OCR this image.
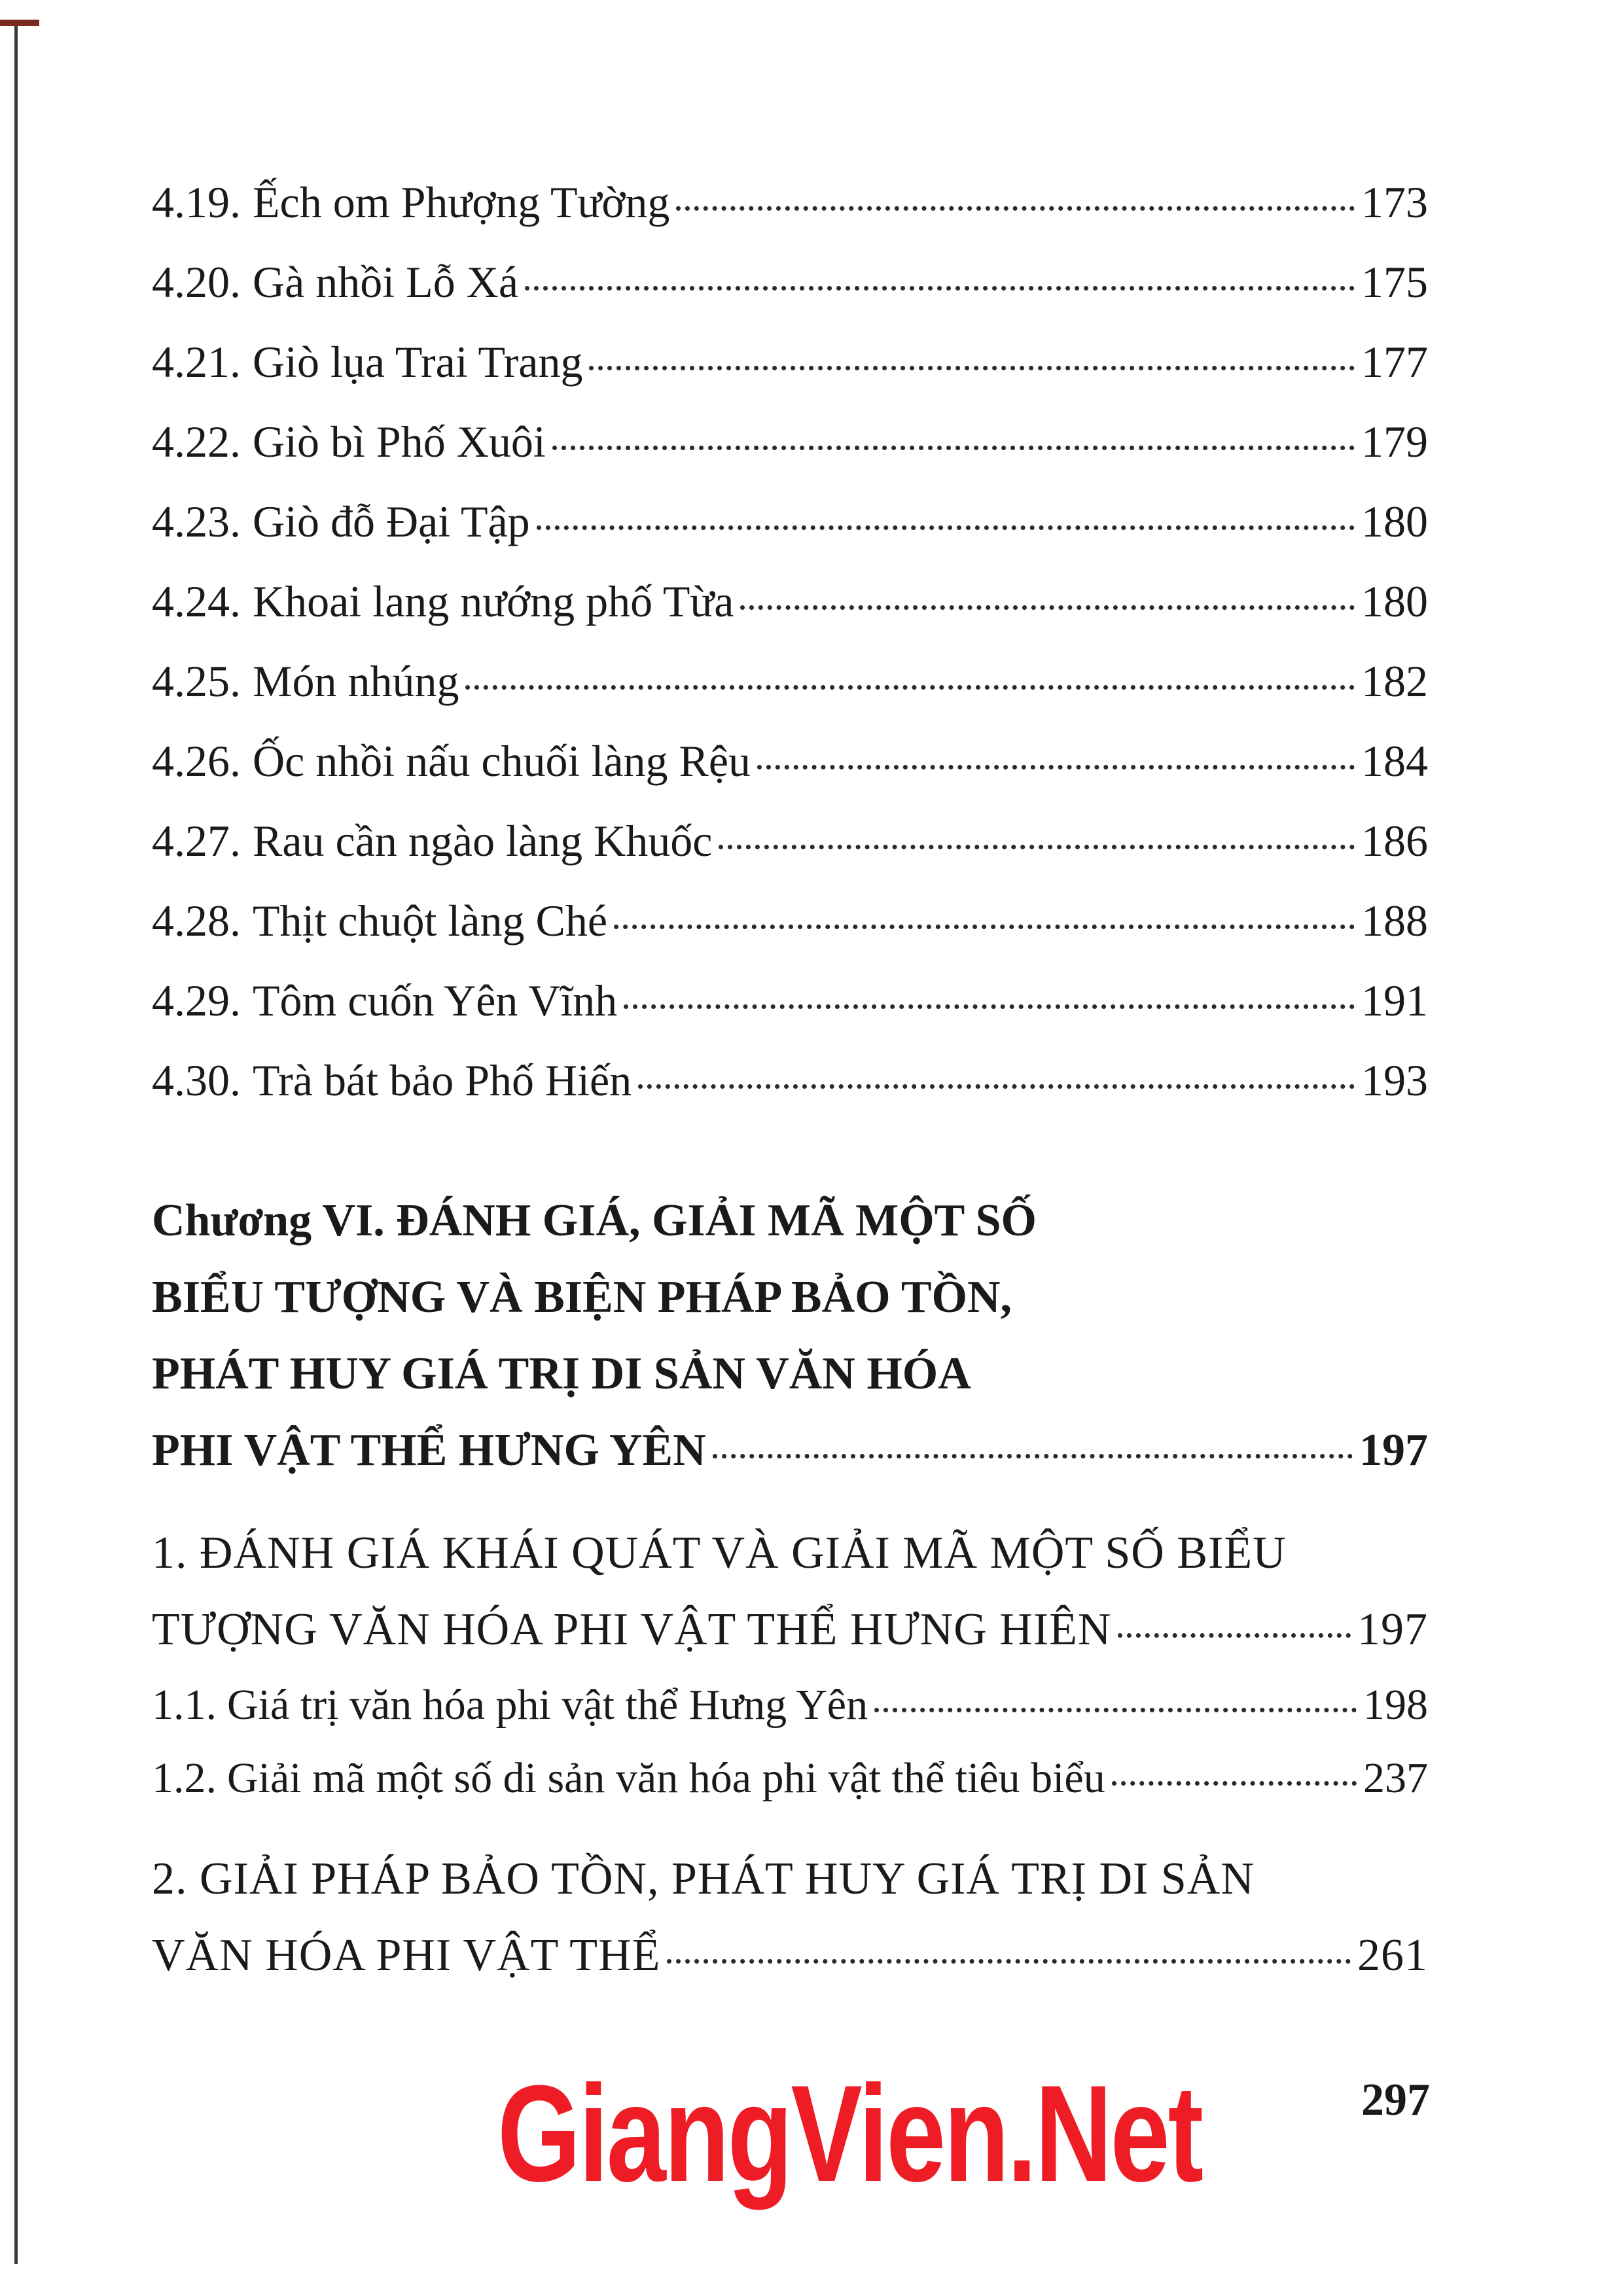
4.19. Ếch om Phượng Tường	173
4.20. Gà nhồi Lỗ Xá	175
4.21. Giò lụa Trai Trang	177
4.22. Giò bì Phố Xuôi	179
4.23. Giò đỗ Đại Tập	180
4.24. Khoai lang nướng phố Từa	180
4.25. Món nhúng	182
4.26. Ốc nhồi nấu chuối làng Rệu	184
4.27. Rau cần ngào làng Khuốc	186
4.28. Thịt chuột làng Ché	188
4.29. Tôm cuốn Yên Vĩnh	191
4.30. Trà bát bảo Phố Hiến	193
Chương VI. ĐÁNH GIÁ, GIẢI MÃ MỘT SỐ
BIỂU TƯỢNG VÀ BIỆN PHÁP BẢO TỒN,
PHÁT HUY GIÁ TRỊ DI SẢN VĂN HÓA
PHI VẬT THỂ HƯNG YÊN	197
1. ĐÁNH GIÁ KHÁI QUÁT VÀ GIẢI MÃ MỘT SỐ BIỂU
TƯỢNG VĂN HÓA PHI VẬT THỂ HƯNG HIÊN	197
1.1. Giá trị văn hóa phi vật thể Hưng Yên	198
1.2. Giải mã một số di sản văn hóa phi vật thể tiêu biểu	237
2. GIẢI PHÁP BẢO TỒN, PHÁT HUY GIÁ TRỊ DI SẢN
VĂN HÓA PHI VẬT THỂ	261
GiangVien.Net	297
